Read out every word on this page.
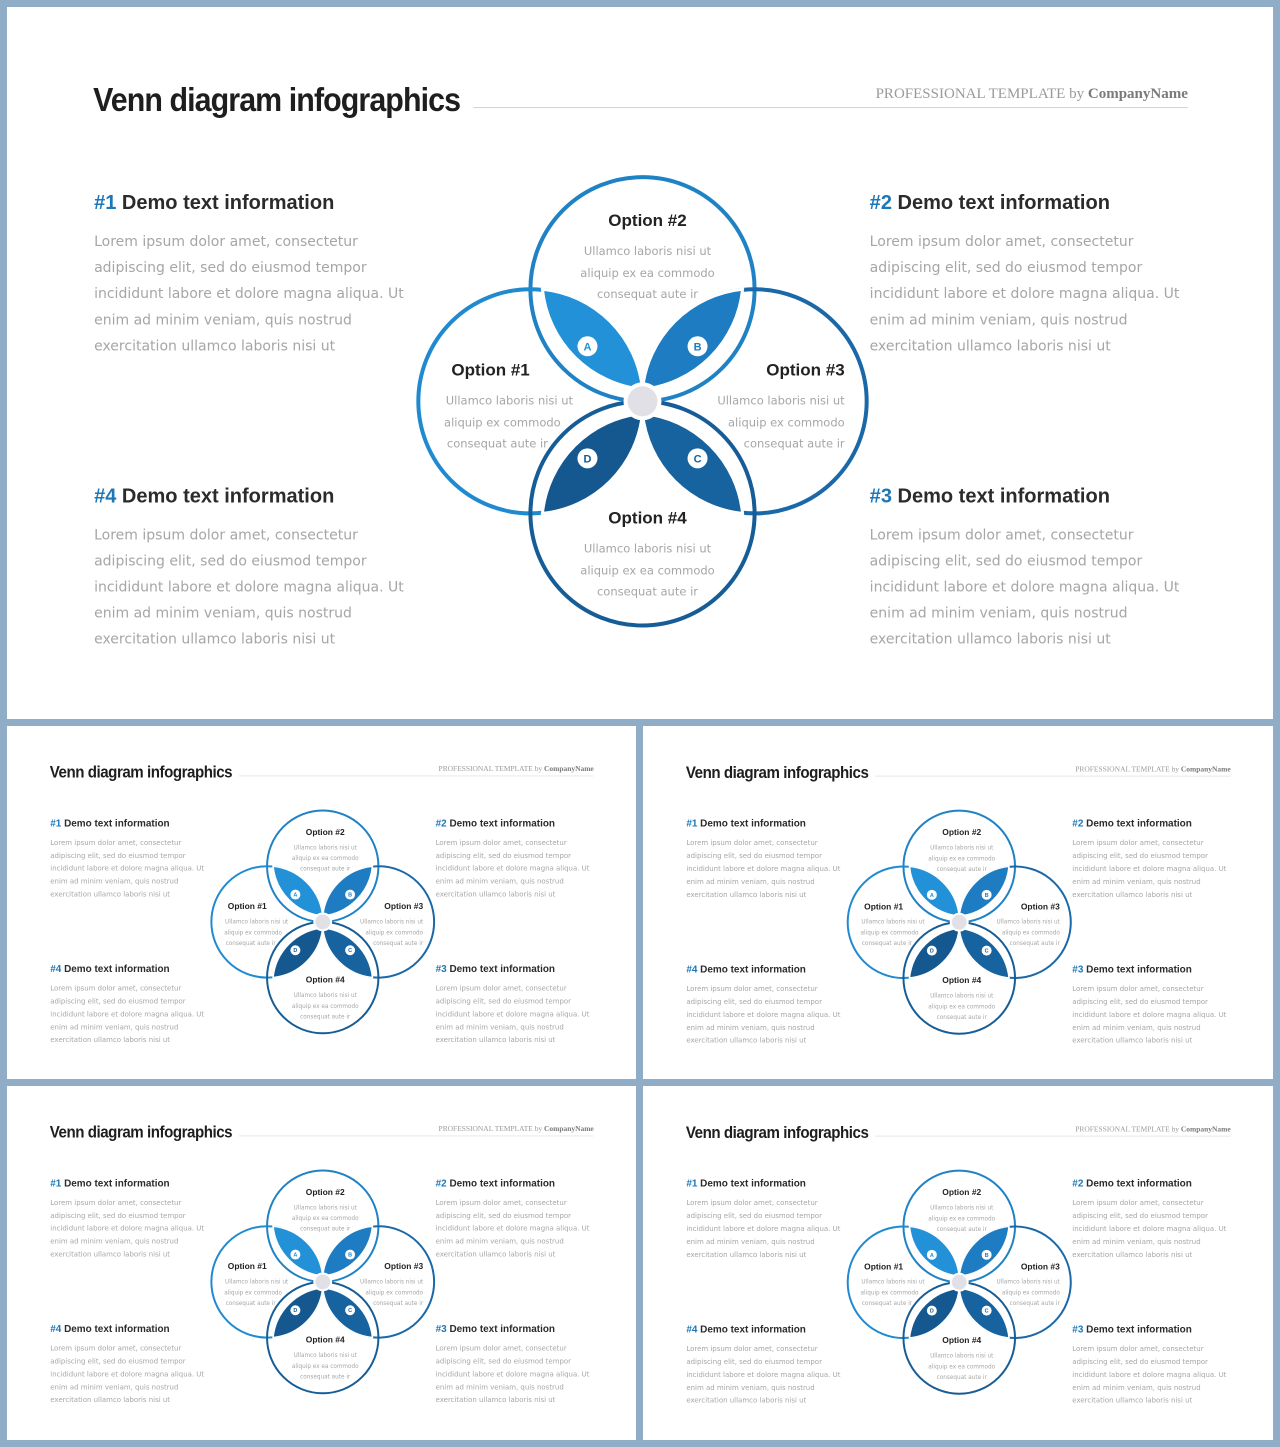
Venn diagram infographics	PROFESSIONAL TEMPLATE by CompanyName
#1 Demo text information

Lorem ipsum dolor amet, consectetur adipiscing elit, sed do eiusmod tempor incididunt labore et dolore magna aliqua. Ut enim ad minim veniam, quis nostrud exercitation ullamco laboris nisi ut

#2 Demo text information

Lorem ipsum dolor amet, consectetur adipiscing elit, sed do eiusmod tempor incididunt labore et dolore magna aliqua. Ut enim ad minim veniam, quis nostrud exercitation ullamco laboris nisi ut

#4 Demo text information

Lorem ipsum dolor amet, consectetur adipiscing elit, sed do eiusmod tempor incididunt labore et dolore magna aliqua. Ut enim ad minim veniam, quis nostrud exercitation ullamco laboris nisi ut

#3 Demo text information

Lorem ipsum dolor amet, consectetur adipiscing elit, sed do eiusmod tempor incididunt labore et dolore magna aliqua. Ut enim ad minim veniam, quis nostrud exercitation ullamco laboris nisi ut

A	B
C
D
Option #2
Ullamco laboris nisi ut
aliquip ex ea commodo
consequat aute ir
Option #1
Ullamco laboris nisi ut
aliquip ex commodo
consequat aute ir
Option #3
Ullamco laboris nisi ut
aliquip ex commodo
consequat aute ir
Option #4
Ullamco laboris nisi ut
aliquip ex ea commodo
consequat aute ir
Venn diagram infographics	PROFESSIONAL TEMPLATE by CompanyName
#1 Demo text information

Lorem ipsum dolor amet, consectetur adipiscing elit, sed do eiusmod tempor incididunt labore et dolore magna aliqua. Ut enim ad minim veniam, quis nostrud exercitation ullamco laboris nisi ut

#2 Demo text information

Lorem ipsum dolor amet, consectetur adipiscing elit, sed do eiusmod tempor incididunt labore et dolore magna aliqua. Ut enim ad minim veniam, quis nostrud exercitation ullamco laboris nisi ut

#4 Demo text information

Lorem ipsum dolor amet, consectetur adipiscing elit, sed do eiusmod tempor incididunt labore et dolore magna aliqua. Ut enim ad minim veniam, quis nostrud exercitation ullamco laboris nisi ut

#3 Demo text information

Lorem ipsum dolor amet, consectetur adipiscing elit, sed do eiusmod tempor incididunt labore et dolore magna aliqua. Ut enim ad minim veniam, quis nostrud exercitation ullamco laboris nisi ut

A	B
C
D
Option #2
Ullamco laboris nisi ut
aliquip ex ea commodo
consequat aute ir
Option #1
Ullamco laboris nisi ut
aliquip ex commodo
consequat aute ir
Option #3
Ullamco laboris nisi ut
aliquip ex commodo
consequat aute ir
Option #4
Ullamco laboris nisi ut
aliquip ex ea commodo
consequat aute ir
Venn diagram infographics	PROFESSIONAL TEMPLATE by CompanyName
#1 Demo text information

Lorem ipsum dolor amet, consectetur adipiscing elit, sed do eiusmod tempor incididunt labore et dolore magna aliqua. Ut enim ad minim veniam, quis nostrud exercitation ullamco laboris nisi ut

#2 Demo text information

Lorem ipsum dolor amet, consectetur adipiscing elit, sed do eiusmod tempor incididunt labore et dolore magna aliqua. Ut enim ad minim veniam, quis nostrud exercitation ullamco laboris nisi ut

#4 Demo text information

Lorem ipsum dolor amet, consectetur adipiscing elit, sed do eiusmod tempor incididunt labore et dolore magna aliqua. Ut enim ad minim veniam, quis nostrud exercitation ullamco laboris nisi ut

#3 Demo text information

Lorem ipsum dolor amet, consectetur adipiscing elit, sed do eiusmod tempor incididunt labore et dolore magna aliqua. Ut enim ad minim veniam, quis nostrud exercitation ullamco laboris nisi ut

A	B
C
D
Option #2
Ullamco laboris nisi ut
aliquip ex ea commodo
consequat aute ir
Option #1
Ullamco laboris nisi ut
aliquip ex commodo
consequat aute ir
Option #3
Ullamco laboris nisi ut
aliquip ex commodo
consequat aute ir
Option #4
Ullamco laboris nisi ut
aliquip ex ea commodo
consequat aute ir
Venn diagram infographics	PROFESSIONAL TEMPLATE by CompanyName
#1 Demo text information

Lorem ipsum dolor amet, consectetur adipiscing elit, sed do eiusmod tempor incididunt labore et dolore magna aliqua. Ut enim ad minim veniam, quis nostrud exercitation ullamco laboris nisi ut

#2 Demo text information

Lorem ipsum dolor amet, consectetur adipiscing elit, sed do eiusmod tempor incididunt labore et dolore magna aliqua. Ut enim ad minim veniam, quis nostrud exercitation ullamco laboris nisi ut

#4 Demo text information

Lorem ipsum dolor amet, consectetur adipiscing elit, sed do eiusmod tempor incididunt labore et dolore magna aliqua. Ut enim ad minim veniam, quis nostrud exercitation ullamco laboris nisi ut

#3 Demo text information

Lorem ipsum dolor amet, consectetur adipiscing elit, sed do eiusmod tempor incididunt labore et dolore magna aliqua. Ut enim ad minim veniam, quis nostrud exercitation ullamco laboris nisi ut

A	B
C
D
Option #2
Ullamco laboris nisi ut
aliquip ex ea commodo
consequat aute ir
Option #1
Ullamco laboris nisi ut
aliquip ex commodo
consequat aute ir
Option #3
Ullamco laboris nisi ut
aliquip ex commodo
consequat aute ir
Option #4
Ullamco laboris nisi ut
aliquip ex ea commodo
consequat aute ir
Venn diagram infographics	PROFESSIONAL TEMPLATE by CompanyName
#1 Demo text information

Lorem ipsum dolor amet, consectetur adipiscing elit, sed do eiusmod tempor incididunt labore et dolore magna aliqua. Ut enim ad minim veniam, quis nostrud exercitation ullamco laboris nisi ut

#2 Demo text information

Lorem ipsum dolor amet, consectetur adipiscing elit, sed do eiusmod tempor incididunt labore et dolore magna aliqua. Ut enim ad minim veniam, quis nostrud exercitation ullamco laboris nisi ut

#4 Demo text information

Lorem ipsum dolor amet, consectetur adipiscing elit, sed do eiusmod tempor incididunt labore et dolore magna aliqua. Ut enim ad minim veniam, quis nostrud exercitation ullamco laboris nisi ut

#3 Demo text information

Lorem ipsum dolor amet, consectetur adipiscing elit, sed do eiusmod tempor incididunt labore et dolore magna aliqua. Ut enim ad minim veniam, quis nostrud exercitation ullamco laboris nisi ut

A	B
C
D
Option #2
Ullamco laboris nisi ut
aliquip ex ea commodo
consequat aute ir
Option #1
Ullamco laboris nisi ut
aliquip ex commodo
consequat aute ir
Option #3
Ullamco laboris nisi ut
aliquip ex commodo
consequat aute ir
Option #4
Ullamco laboris nisi ut
aliquip ex ea commodo
consequat aute ir
